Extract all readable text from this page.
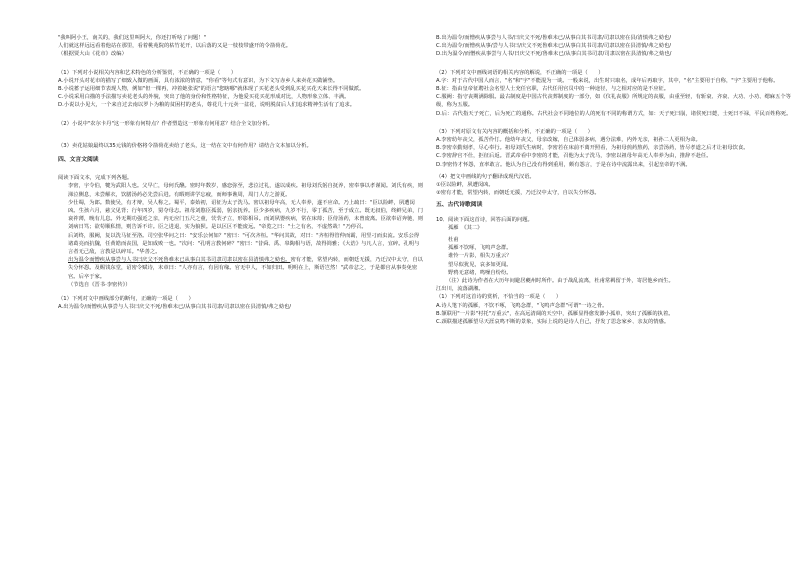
"我叫阿小王，南关的，我们这里叫阿大，你还打听啥了问题！"

人们就这样远远看着他站在那里，看着桃苑院的枯竹花开，以后落的又是一枝枝带盛开的令箭荷花。

（根据贾大山《花市》改编）

（1）下列对小说相关内容和艺术特色的分析鉴赏，不正确的一项是（　　）

A.小说开头对花市的描写了细致入微的画面，具有浓浓的情意，"你看"等句式有意识，为下文写赤乡人来卖花买做铺垫。

B.小说蓄子运用细节表现人物，例如"但一棵再，冲着她张说"的语言"您瞎哪"就体现了买花老头受到乱买花买花天来长得不同做派。

C.小说采用白描的手法描写卖花老头的外貌，突出了他的身份和性格特征，为他爱买花买花形成对比，人物形象立体、丰满。

D.小说以小见大，一个来自过去南以罗卜为粮的贫困村的老头，尊花几十元卖一盆花，说明脱贫后人们追求精神生活有了追求。

（2）小说中"农尔卡丹"这一形象有何特点？作者塑造这一形象有何用意？结合全文加分析。

（3）卖花姑娘最终以35元钱的价格将令箭荷花卖给了老头，这一结在文中有何作用？请结合文本加以分析。

四、文言文阅读

阅读下面文本，完成下列各题。

李密，宇令伯，犍为武阳人也。父早亡，母何氏醮。密时年数岁，感恋弥至，悲泣过礼，遂以成疾。祖母刘氏躬自抚养，密奉事以孝谨闻。刘氏有疾，则涕泣侧息，未尝解衣，饮膳汤药必先尝后进。有暇则讲学忘疲，而师事谯周，周门人方之游夏。

少仕蜀，为郎。数使吴，有才辩，吴人称之。蜀平，泰始初，诏征为太子洗马。密以祖母年高，无人奉养，遂不应命。乃上疏曰："臣以险衅，夙遭闵凶。生孩六月，慈父见背；行年四岁，舅夺母志。祖母刘愍臣孤弱，躬亲抚养。臣少多疾病，九岁不行，零丁孤苦，至于成立。既无叔伯，终鲜兄弟，门衰祚薄，晚有儿息。外无期功强近之亲，内无应门五尺之童，茕茕孑立，形影相吊。而刘夙婴疾病，常在床蓐；臣侍汤药，未曾废离。臣欲奉诏奔驰，则刘病日笃；欲苟顺私情，则告诉不许。臣之进退，实为狼狈。是以区区不能废远。"帝览之曰："士之有名，不虚然哉！"乃停召。

后刘终，服阙，复以洗马征至洛。司空张华问之曰："安乐公何如？"密曰："可次齐桓。"华问其故，对曰："齐桓得管仲而霸，用竖刁而虫流。安乐公得诸葛亮而抗魏，任黄皓而丧国，是知成败一也。"次问："孔明言教何碎？"密曰："昔舜、禹、皋陶相与语，故得简雅；《大诰》与凡人言，宜碎。孔明与言者无己敌，言教是以碎耳。"华善之。

出为温令而憎疾从事尝与人书曰庆父不死鲁难未已从事白其书司隶司隶以密在县清慎弗之劾也。密有才能，常望内转，而朝廷无援，乃迁汉中太守，自以失分怀怨。及赐饯东堂，诏密令赋诗，末章曰："人亦有言，有因有缘。官无中人，不如归田。明明在上，斯语岂然！"武帝忿之，于是都官从事奏免密官。后卒于家。

（节选自《晋书·李密传》）

（1）下列对文中画线部分的断句，正确的一项是（　　）

A.出为温令/而憎疾从事尝与人书曰庆父不死/鲁难未已/从事白其书司隶/司隶以密在县清慎/弗之劾也/

B.出为温令/而憎疾从事尝与人书/曰庆父不死/鲁难未已/从事白其书司隶/司隶以密在县/清慎弗之劾也/

C.出为温令/而憎疾从事/尝与人书曰/庆父不死鲁难未已/从事白其书司隶/司隶以密在县清慎/弗之劾也/

D.出为温令/而憎疾从事尝与人书/曰庆父不死/鲁难未已/从事白其书司隶/司隶以密在县清慎/弗之劾也/

（2）下列对文中画线词语的相关内容的解说，不正确的一项是（　　）

A.字：对于古代中国人而言，"名"和"字"不能混为一谈。一般来说，出生时只取名，成年后再取字，其中，"名"主要用于自称，"字"主要用于他称。

B.征：指由皇帝征聘社会名望人士充任官职，古代任用官员中的一种途径，与之相对应的是不应征。

C.服阙：指守丧期满除服。最古制度是中国古代丧葬制度的一部分，如《仪礼丧服》所规定的丧服，由重至轻，有斩衰、齐衰、大功、小功、缌麻五个等级，称为五服。

D.后：古代指天子死亡，后为死亡的通称。古代社会不同地位的人的死有不同的称谓方式，如：天子死曰崩，诸侯死曰薨，士死曰不禄，平民百姓称死。

（3）下列对原文有关内容的概括和分析，不正确的一项是（　　）

A.李密幼年丧父，孤苦伶仃。他幼年丧父，母亲改嫁，自己体弱多病，遇分法难，内外无亲，祖孙二人更相为命。

B.李密幸勤刻孝，尽心奉行。祖母刘氏生病时，李密若在床前不离开照看，为祖母煎药熬药，亲尝汤药，皆尽孝道之后才让祖母饮食。

C.李密辞官不仕，拒征后返。晋武帝看中李密的才能，召他为太子洗马，李密以祖母年高无人奉养为由，推辞不赴任。

D.李密恃才怀怨，直率敢言。他认为自己没有得到重用，颇有怨言，于是在诗中流露出来，引起皇帝的不满。

（4）把文中画线的句子翻译成现代汉语。

①臣以险衅，夙遭闵凶。

②密有才能，常望内转，而朝廷无援，乃迁汉中太守，自以失分怀怨。

五、古代诗歌阅读

10．阅读下面这首诗，回答后面的问题。

孤雁　《其二》

杜甫

孤雁不饮啄，飞鸣声念群。

谁怜一片影，相失万重云？

望尽似犹见，哀多如更闻。

野鸦无意绪，鸣噪自纷纷。

（注）此诗为作者在大历年间避居夔州时所作。由于战乱流离，杜甫常羁留于外，寄居他乡而生。

江出川，流落湖湘。

（1）下列对这首诗的赏析，不恰当的一项是（　　）

A.诗人笔下的孤雁，不饮不啄，飞鸣念群，"飞鸣声念群"可谓"一诗之骨。

B.颔联用"一片影"衬托"万重云"，在高远清阔的天空中，孤雁显得愈发渺小孤单，突出了孤雁的执着。

C.颈联描述孤雁望尽天涯哀鸣不断的景象，实际上说的是诗人自己，抒发了思念家乡、亲友的情感。
